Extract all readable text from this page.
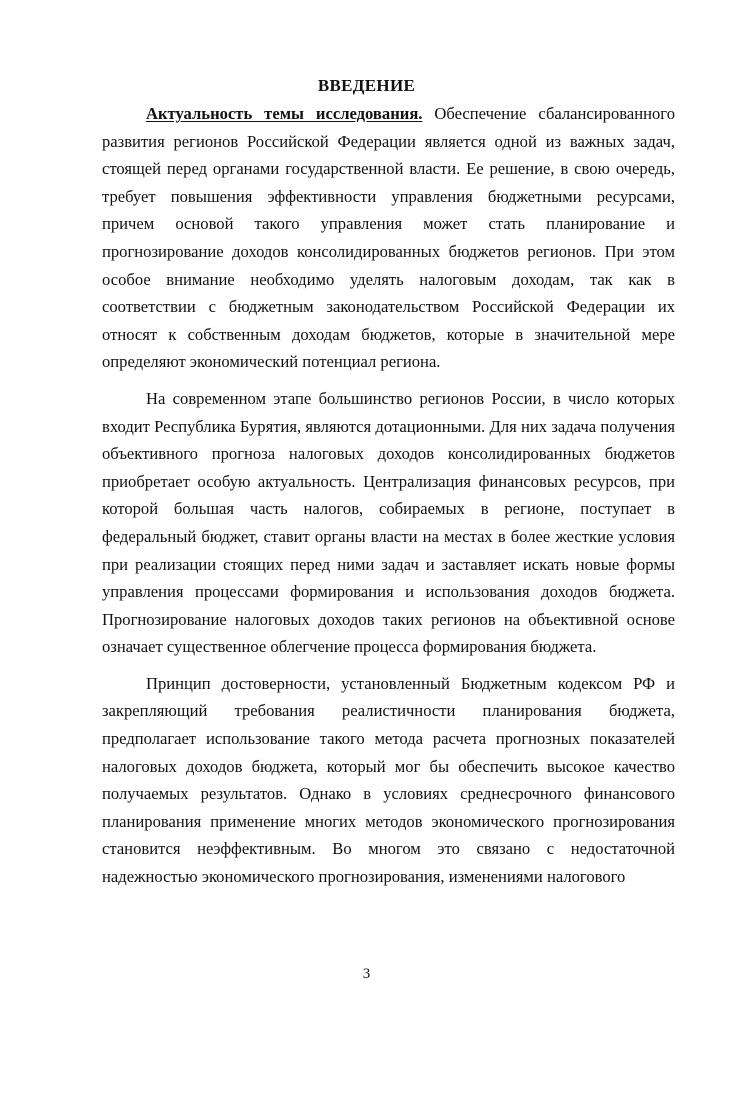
ВВЕДЕНИЕ

Актуальность темы исследования. Обеспечение сбалансированного развития регионов Российской Федерации является одной из важных задач, стоящей перед органами государственной власти. Ее решение, в свою очередь, требует повышения эффективности управления бюджетными ресурсами, причем основой такого управления может стать планирование и прогнозирование доходов консолидированных бюджетов регионов. При этом особое внимание необходимо уделять налоговым доходам, так как в соответствии с бюджетным законодательством Российской Федерации их относят к собственным доходам бюджетов, которые в значительной мере определяют экономический потенциал региона.

На современном этапе большинство регионов России, в число которых входит Республика Бурятия, являются дотационными. Для них задача получения объективного прогноза налоговых доходов консолидированных бюджетов приобретает особую актуальность. Централизация финансовых ресурсов, при которой большая часть налогов, собираемых в регионе, поступает в федеральный бюджет, ставит органы власти на местах в более жесткие условия при реализации стоящих перед ними задач и заставляет искать новые формы управления процессами формирования и использования доходов бюджета. Прогнозирование налоговых доходов таких регионов на объективной основе означает существенное облегчение процесса формирования бюджета.

Принцип достоверности, установленный Бюджетным кодексом РФ и закрепляющий требования реалистичности планирования бюджета, предполагает использование такого метода расчета прогнозных показателей налоговых доходов бюджета, который мог бы обеспечить высокое качество получаемых результатов. Однако в условиях среднесрочного финансового планирования применение многих методов экономического прогнозирования становится неэффективным. Во многом это связано с недостаточной надежностью экономического прогнозирования, изменениями налогового

3
